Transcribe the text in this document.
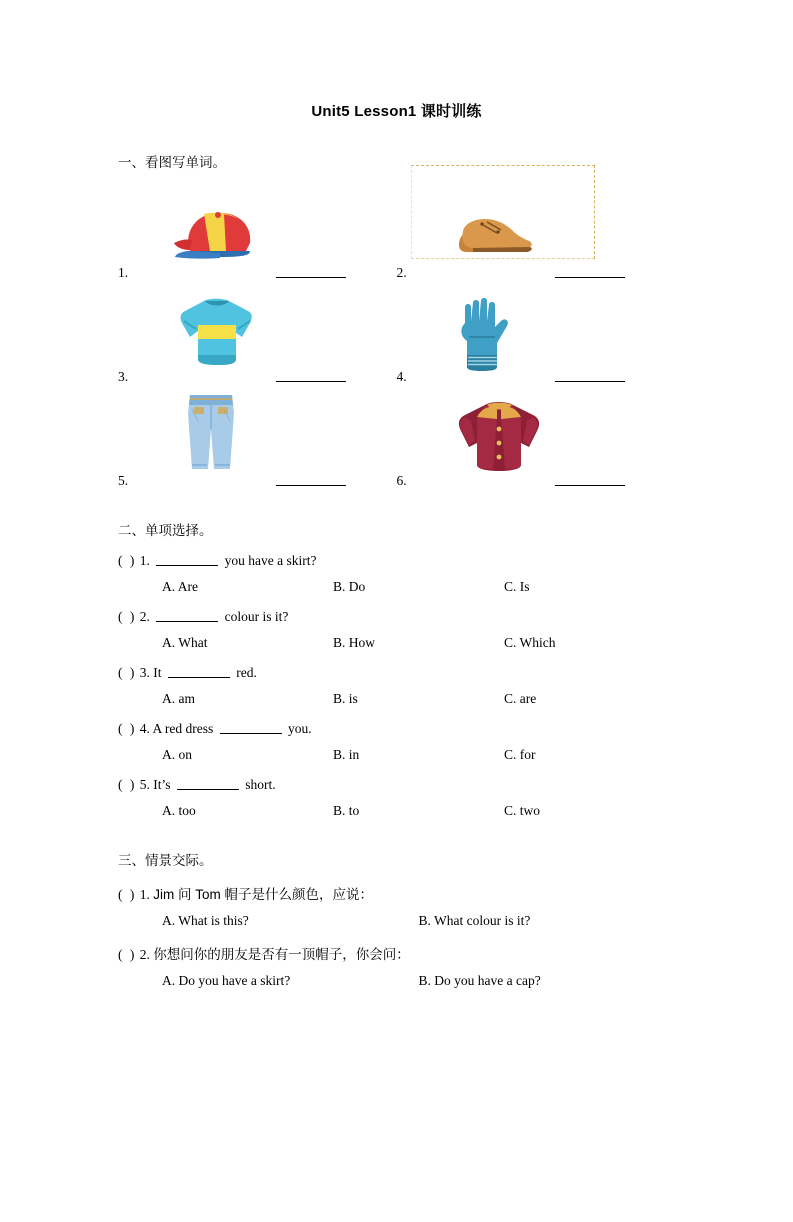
Unit5 Lesson1 课时训练
一、看图写单词。
1.	2.
3.	4.
5.	6.
二、单项选择。
( ) 1.	you have a skirt?
A. Are	B. Do	C. Is
( ) 2.	colour is it?
A. What	B. How	C. Which
( ) 3. It	red.
A. am	B. is	C. are
( ) 4. A red dress	you.
A. on	B. in	C. for
( ) 5. It’s	short.
A. too	B. to	C. two
三、情景交际。
( ) 1. Jim 问 Tom 帽子是什么颜色，应说：
A. What is this?	B. What colour is it?
( ) 2. 你想问你的朋友是否有一顶帽子，你会问：
A. Do you have a skirt?	B. Do you have a cap?
